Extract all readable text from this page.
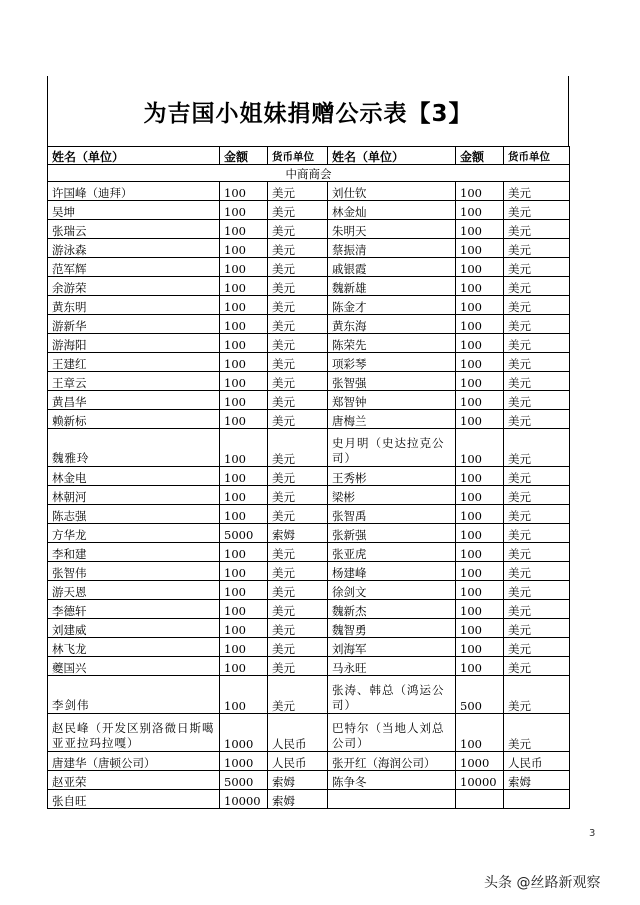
为吉国小姐妹捐赠公示表【3】
姓名（单位）	金额	货币单位	姓名（单位）	金额	货币单位
中商商会					
许国峰（迪拜）	100	美元	刘仕钦	100	美元
吴坤	100	美元	林金灿	100	美元
张瑞云	100	美元	朱明天	100	美元
游泳森	100	美元	蔡振清	100	美元
范军辉	100	美元	戚银霞	100	美元
余游荣	100	美元	魏新雄	100	美元
黄东明	100	美元	陈金才	100	美元
游新华	100	美元	黄东海	100	美元
游海阳	100	美元	陈荣先	100	美元
王建红	100	美元	项彩琴	100	美元
王章云	100	美元	张智强	100	美元
黄昌华	100	美元	郑智钟	100	美元
赖新标	100	美元	唐梅兰	100	美元
魏雅玲	100	美元	史月明（史达拉克公司）	100	美元
林金电	100	美元	王秀彬	100	美元
林朝河	100	美元	梁彬	100	美元
陈志强	100	美元	张智禹	100	美元
方华龙	5000	索姆	张新强	100	美元
李和建	100	美元	张亚虎	100	美元
张智伟	100	美元	杨建峰	100	美元
游天恩	100	美元	徐剑文	100	美元
李德轩	100	美元	魏新杰	100	美元
刘建威	100	美元	魏智勇	100	美元
林飞龙	100	美元	刘海军	100	美元
夔国兴	100	美元	马永旺	100	美元
李剑伟	100	美元	张涛、韩总（鸿运公司）	500	美元
赵民峰（开发区别洛微日斯噶亚亚拉玛拉嘎）	1000	人民币	巴特尔（当地人刘总公司）	100	美元
唐建华（唐顿公司）	1000	人民币	张开红（海润公司）	1000	人民币
赵亚荣	5000	索姆	陈争冬	10000	索姆
张自旺	10000	索姆			
3
头条 @丝路新观察
